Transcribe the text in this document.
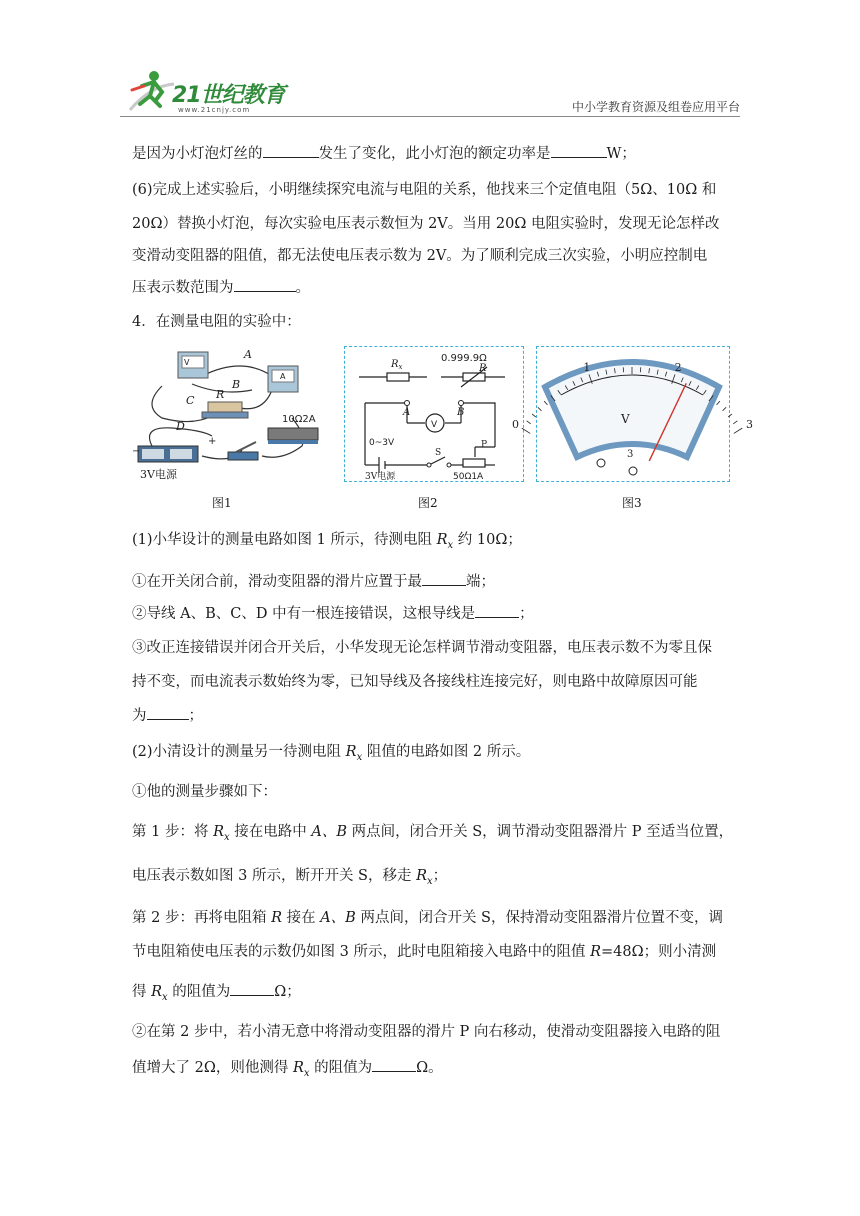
21世纪教育
www.21cnjy.com	中小学教育资源及组卷应用平台
是因为小灯泡灯丝的	发生了变化，此小灯泡的额定功率是	W；
(6)完成上述实验后，小明继续探究电流与电阻的关系，他找来三个定值电阻（5Ω、10Ω 和
20Ω）替换小灯泡，每次实验电压表示数恒为 2V。当用 20Ω 电阻实验时，发现无论怎样改
变滑动变阻器的阻值，都无法使电压表示数为 2V。为了顺利完成三次实验，小明应控制电
压表示数范围为	。
4．在测量电阻的实验中：
V
A
A
B
C
D
R
10Ω2A
3V电源
−
+
图1
$R_x$
0.999.9Ω
R
A	B
V
0~3V
3V电源
S
P
50Ω1A
图2
0
1	2
3
V
3
图3
(1)小华设计的测量电路如图 1 所示，待测电阻 $R_x$ 约 10Ω；
①在开关闭合前，滑动变阻器的滑片应置于最	端；
②导线 A、B、C、D 中有一根连接错误，这根导线是	；
③改正连接错误并闭合开关后，小华发现无论怎样调节滑动变阻器，电压表示数不为零且保
持不变，而电流表示数始终为零，已知导线及各接线柱连接完好，则电路中故障原因可能
为	；
(2)小清设计的测量另一待测电阻 $R_x$ 阻值的电路如图 2 所示。
①他的测量步骤如下：
第 1 步：将 $R_x$ 接在电路中 A、B 两点间，闭合开关 S，调节滑动变阻器滑片 P 至适当位置，
电压表示数如图 3 所示，断开开关 S，移走 $R_x$；
第 2 步：再将电阻箱 R 接在 A、B 两点间，闭合开关 S，保持滑动变阻器滑片位置不变，调
节电阻箱使电压表的示数仍如图 3 所示，此时电阻箱接入电路中的阻值 R=48Ω；则小清测
得 $R_x$ 的阻值为	Ω；
②在第 2 步中，若小清无意中将滑动变阻器的滑片 P 向右移动，使滑动变阻器接入电路的阻
值增大了 2Ω，则他测得 $R_x$ 的阻值为	Ω。
